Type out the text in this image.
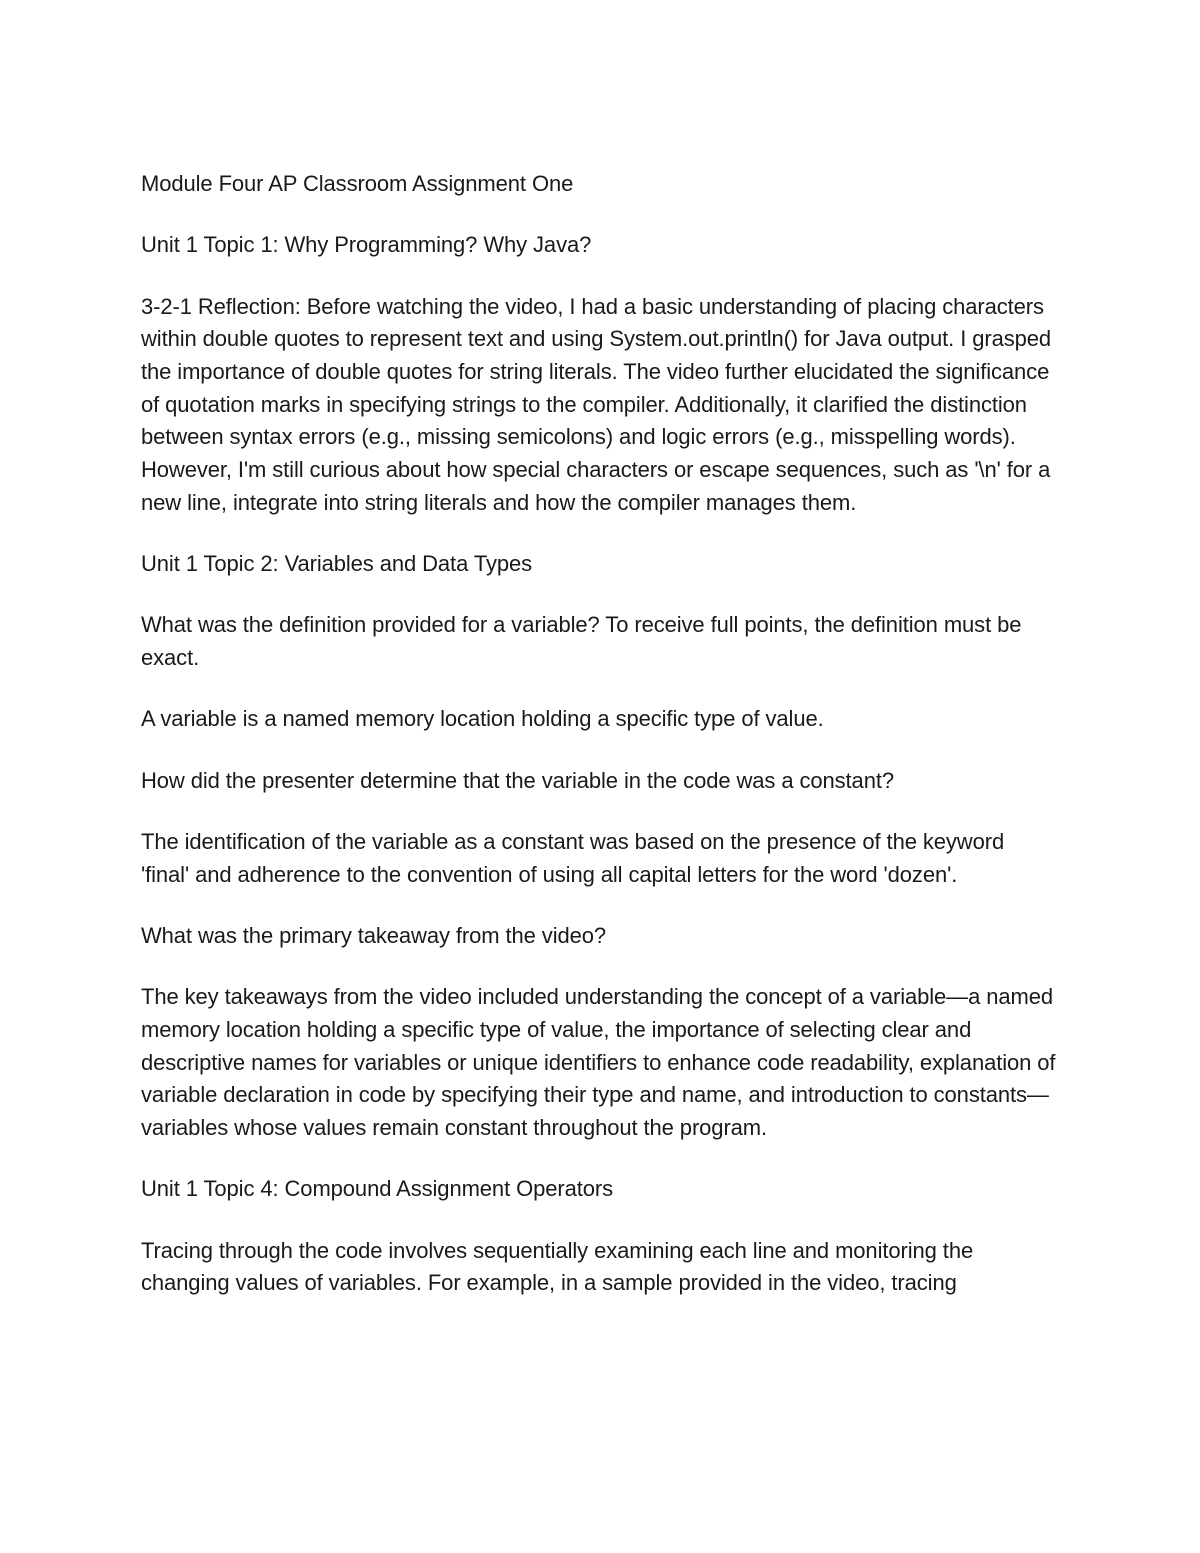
Module Four AP Classroom Assignment One

Unit 1 Topic 1: Why Programming? Why Java?

3-2-1 Reflection: Before watching the video, I had a basic understanding of placing characters within double quotes to represent text and using System.out.println() for Java output. I grasped the importance of double quotes for string literals. The video further elucidated the significance of quotation marks in specifying strings to the compiler. Additionally, it clarified the distinction between syntax errors (e.g., missing semicolons) and logic errors (e.g., misspelling words). However, I'm still curious about how special characters or escape sequences, such as '\n' for a new line, integrate into string literals and how the compiler manages them.

Unit 1 Topic 2: Variables and Data Types

What was the definition provided for a variable? To receive full points, the definition must be exact.

A variable is a named memory location holding a specific type of value.

How did the presenter determine that the variable in the code was a constant?

The identification of the variable as a constant was based on the presence of the keyword 'final' and adherence to the convention of using all capital letters for the word 'dozen'.

What was the primary takeaway from the video?

The key takeaways from the video included understanding the concept of a variable—a named memory location holding a specific type of value, the importance of selecting clear and descriptive names for variables or unique identifiers to enhance code readability, explanation of variable declaration in code by specifying their type and name, and introduction to constants—variables whose values remain constant throughout the program.

Unit 1 Topic 4: Compound Assignment Operators

Tracing through the code involves sequentially examining each line and monitoring the changing values of variables. For example, in a sample provided in the video, tracing
